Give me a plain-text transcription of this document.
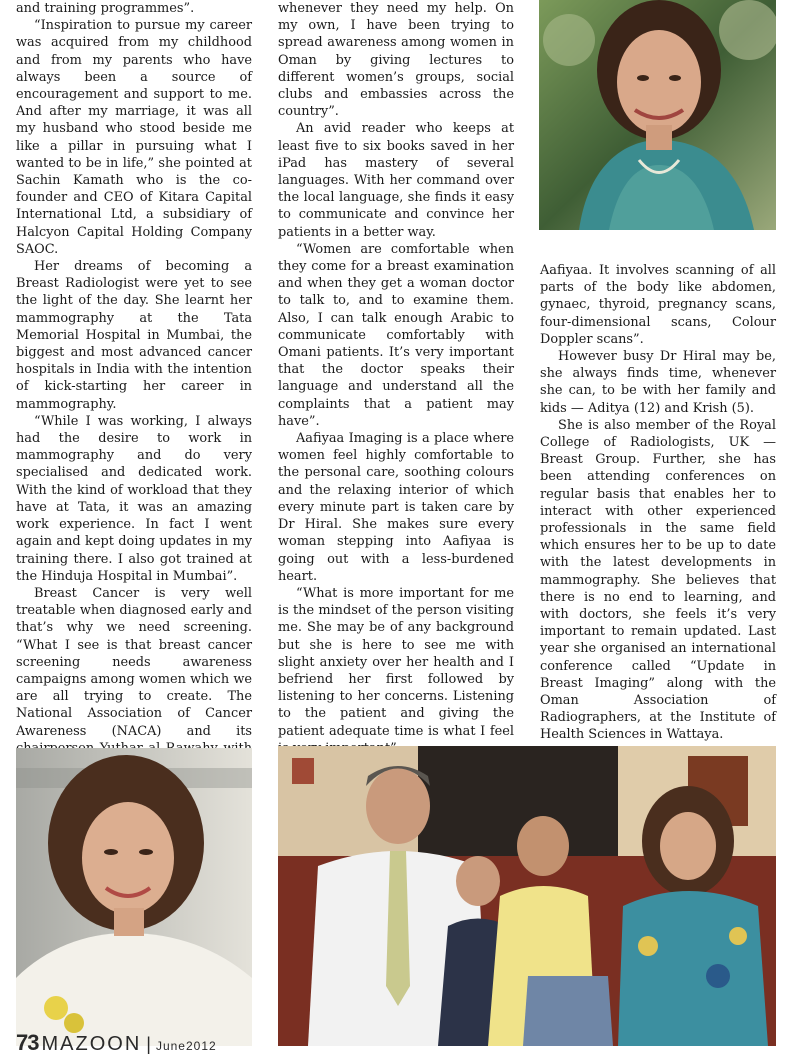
and training programmes”.

“Inspiration to pursue my career was acquired from my childhood and from my parents who have always been a source of encouragement and support to me. And after my marriage, it was all my husband who stood beside me like a pillar in pursuing what I wanted to be in life,” she pointed at Sachin Kamath who is the co-founder and CEO of Kitara Capital International Ltd, a subsidiary of Halcyon Capital Holding Company SAOC.

Her dreams of becoming a Breast Radiologist were yet to see the light of the day. She learnt her mammography at the Tata Memorial Hospital in Mumbai, the biggest and most advanced cancer hospitals in India with the intention of kick-starting her career in mammography.

“While I was working, I always had the desire to work in mammography and do very specialised and dedicated work. With the kind of workload that they have at Tata, it was an amazing work experience. In fact I went again and kept doing updates in my training there. I also got trained at the Hinduja Hospital in Mumbai”.

Breast Cancer is very well treatable when diagnosed early and that’s why we need screening. “What I see is that breast cancer screening needs awareness campaigns among women which we are all trying to create. The National Association of Cancer Awareness (NACA) and its

whenever they need my help. On my own, I have been trying to spread awareness among women in Oman by giving lectures to different women’s groups, social clubs and embassies across the country”.

An avid reader who keeps at least five to six books saved in her iPad has mastery of several languages. With her command over the local language, she finds it easy to communicate and convince her patients in a better way.

“Women are comfortable when they come for a breast examination and when they get a woman doctor to talk to, and to examine them. Also, I can talk enough Arabic to communicate comfortably with Omani patients. It’s very important that the doctor speaks their language and understand all the complaints that a patient may have”.

Aafiyaa Imaging is a place where women feel highly comfortable to the personal care, soothing colours and the relaxing interior of which every minute part is taken care by Dr Hiral. She makes sure every woman stepping into Aafiyaa is going out with a less-burdened heart.

“What is more important for me is the mindset of the person visiting me. She may be of any background but she is here to see me with slight anxiety over her health and I befriend her first followed by listening to her concerns. Listening to the patient and giving the patient adequate time is what I feel

Aafiyaa. It involves scanning of all parts of the body like abdomen, gynaec, thyroid, pregnancy scans, four-dimensional scans, Colour Doppler scans”.

However busy Dr Hiral may be, she always finds time, whenever she can, to be with her family and kids — Aditya (12) and Krish (5).

She is also member of the Royal College of Radiologists, UK — Breast Group. Further, she has been attending conferences on regular basis that enables her to interact with other experienced professionals in the same field which ensures her to be up to date with the latest developments in mammography. She believes that there is no end to learning, and with doctors, she feels it’s very important to remain updated. Last year she organised an international conference called “Update in Breast Imaging” along with the Oman Association of Radiographers, at the Institute of Health Sciences in Wattaya.

73 MAZOON | June2012
